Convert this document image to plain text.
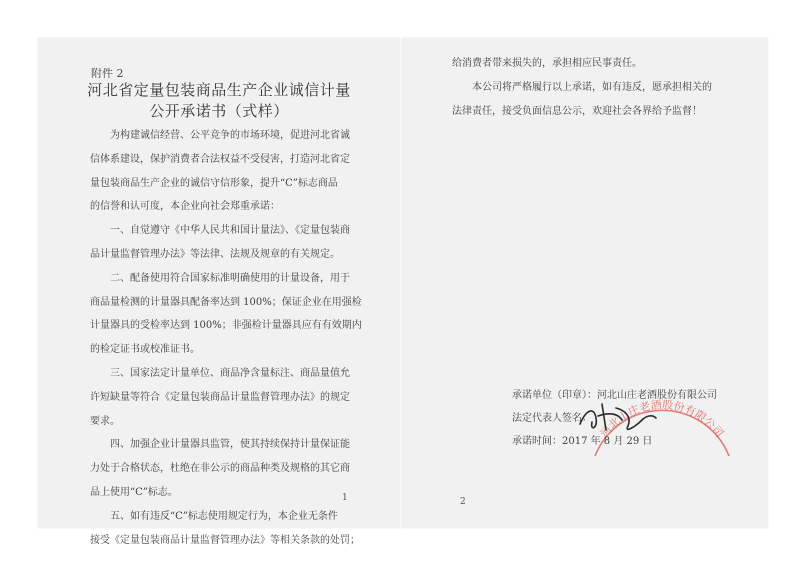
附件 2
河北省定量包装商品生产企业诚信计量
公开承诺书（式样）

为构建诚信经营、公平竞争的市场环境，促进河北省诚

信体系建设，保护消费者合法权益不受侵害，打造河北省定

量包装商品生产企业的诚信守信形象，提升“C”标志商品

的信誉和认可度，本企业向社会郑重承诺：

一、自觉遵守《中华人民共和国计量法》、《定量包装商

品计量监督管理办法》等法律、法规及规章的有关规定。

二、配备使用符合国家标准明确使用的计量设备，用于

商品量检测的计量器具配备率达到 100%；保证企业在用强检

计量器具的受检率达到 100%；非强检计量器具应有有效期内

的检定证书或校准证书。

三、国家法定计量单位、商品净含量标注、商品量值允

许短缺量等符合《定量包装商品计量监督管理办法》的规定

要求。

四、加强企业计量器具监管，使其持续保持计量保证能

力处于合格状态，杜绝在非公示的商品种类及规格的其它商

品上使用“C”标志。

五、如有违反“C”标志使用规定行为，本企业无条件

接受《定量包装商品计量监督管理办法》等相关条款的处罚；

1

给消费者带来损失的，承担相应民事责任。

本公司将严格履行以上承诺，如有违反，愿承担相关的

法律责任，接受负面信息公示，欢迎社会各界给予监督！

河北山庄老酒股份有限公司
承诺单位（印章）：河北山庄老酒股份有限公司
法定代表人签名：
承诺时间：2017 年 8 月 29 日
2
